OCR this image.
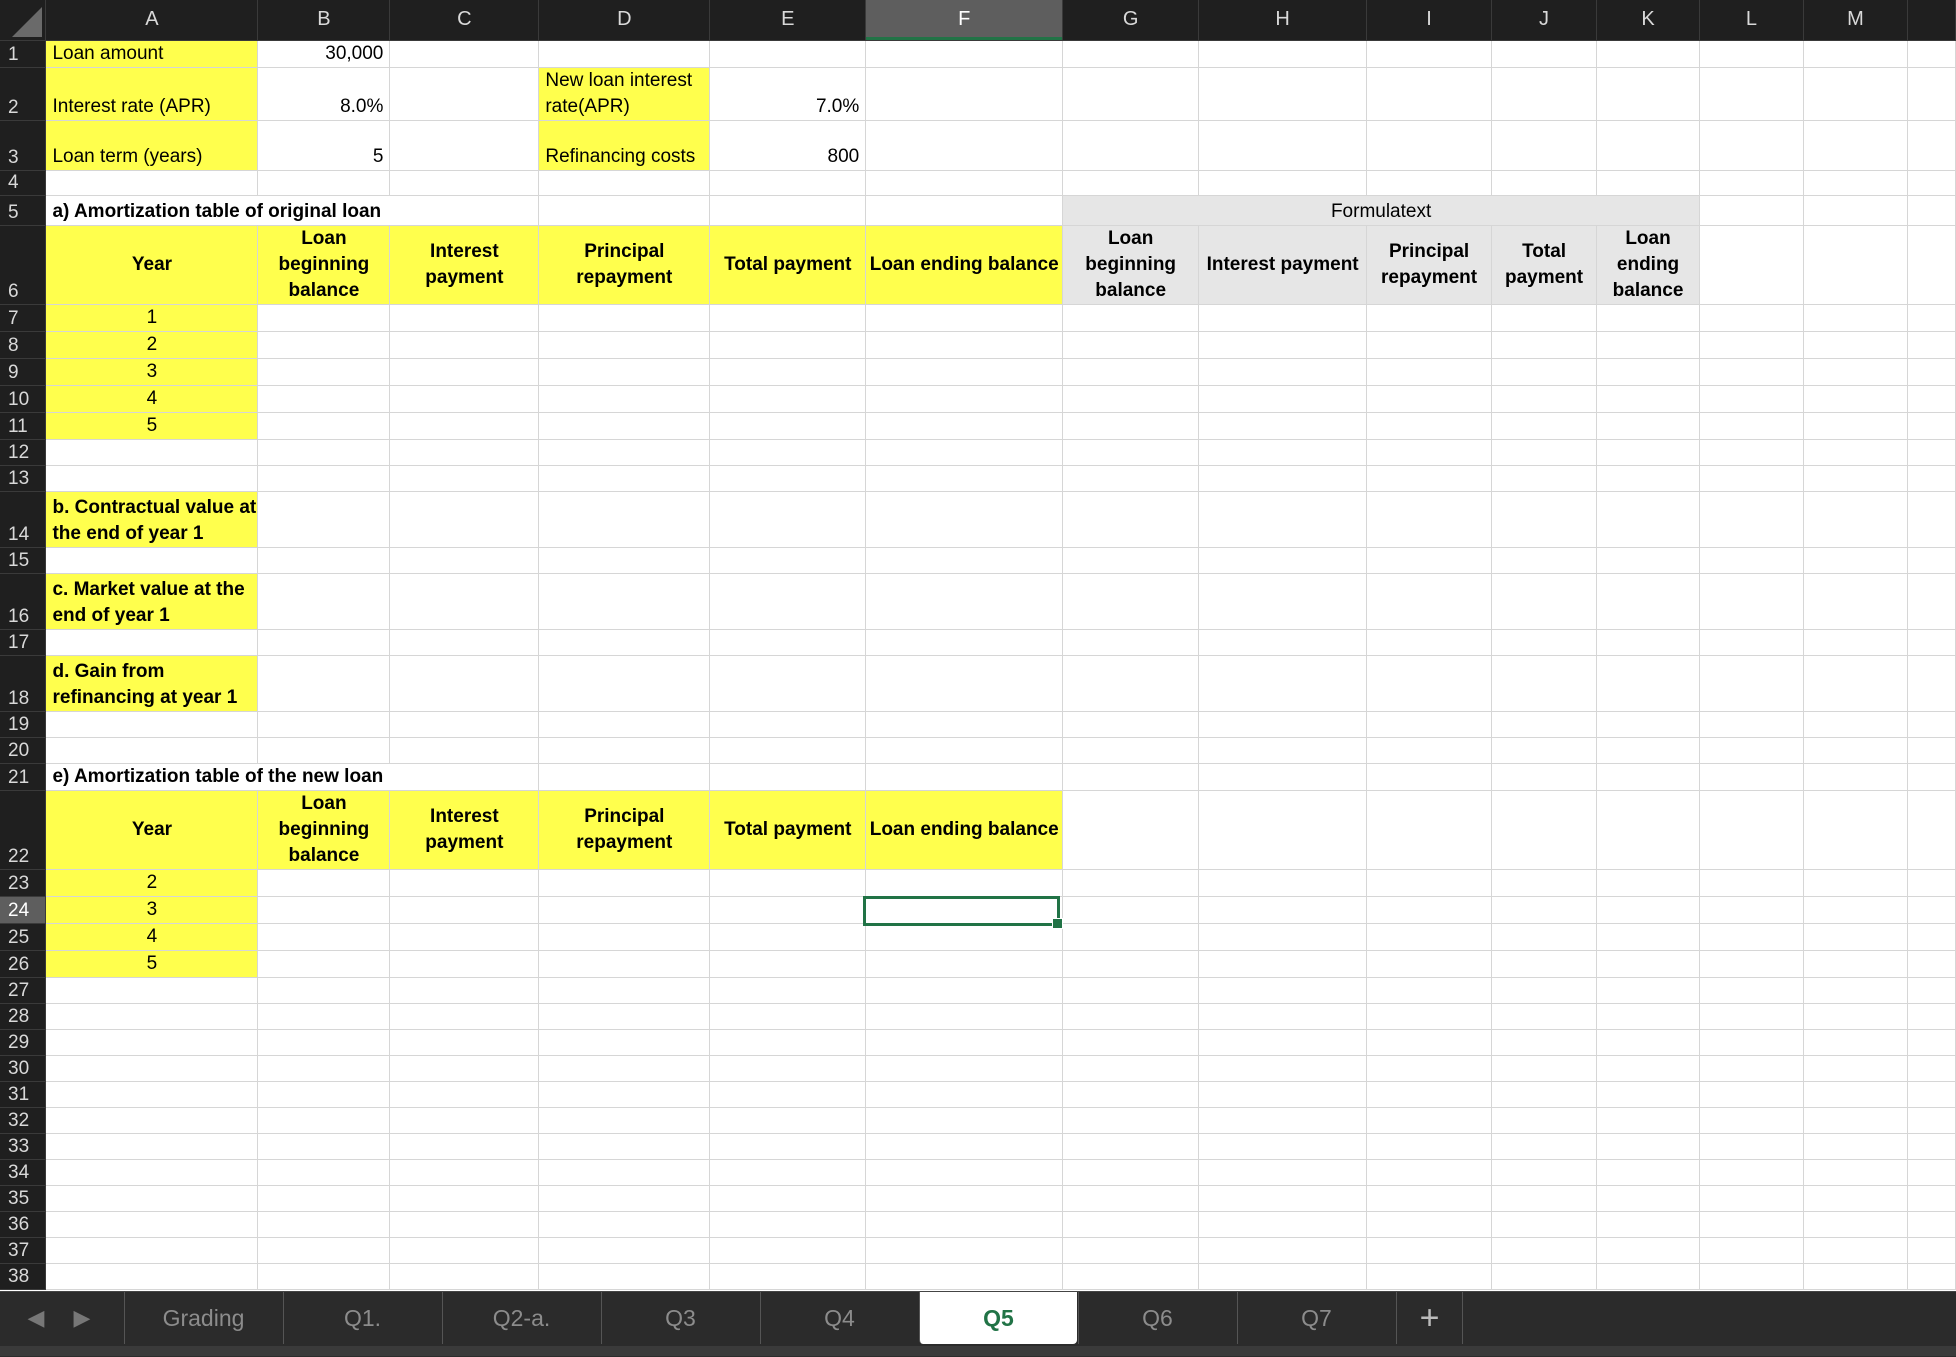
	A	B	C	D	E	F	G	H	I	J	K	L	M	
1	Loan amount	30,000												
2	Interest rate (APR)	8.0%		New loan interest rate(APR)	7.0%									
3	Loan term (years)	5		Refinancing costs	800									
4														
5	a) Amortization table of original loan						Formulatext							
6	Year	Loan beginning balance	Interest payment	Principal repayment	Total payment	Loan ending balance	Loan beginning balance	Interest payment	Principal repayment	Total payment	Loan ending balance			
7	1													
8	2													
9	3													
10	4													
11	5													
12														
13														
14	b. Contractual value at the end of year 1													
15														
16	c. Market value at the end of year 1													
17														
18	d. Gain from refinancing at year 1													
19														
20														
21	e) Amortization table of the new loan													
22	Year	Loan beginning balance	Interest payment	Principal repayment	Total payment	Loan ending balance								
23	2													
24	3													
25	4													
26	5													
27														
28														
29														
30														
31														
32														
33														
34														
35														
36														
37														
38														
◀	▶	Grading	Q1.	Q2-a.	Q3	Q4	Q5	Q6	Q7	+
